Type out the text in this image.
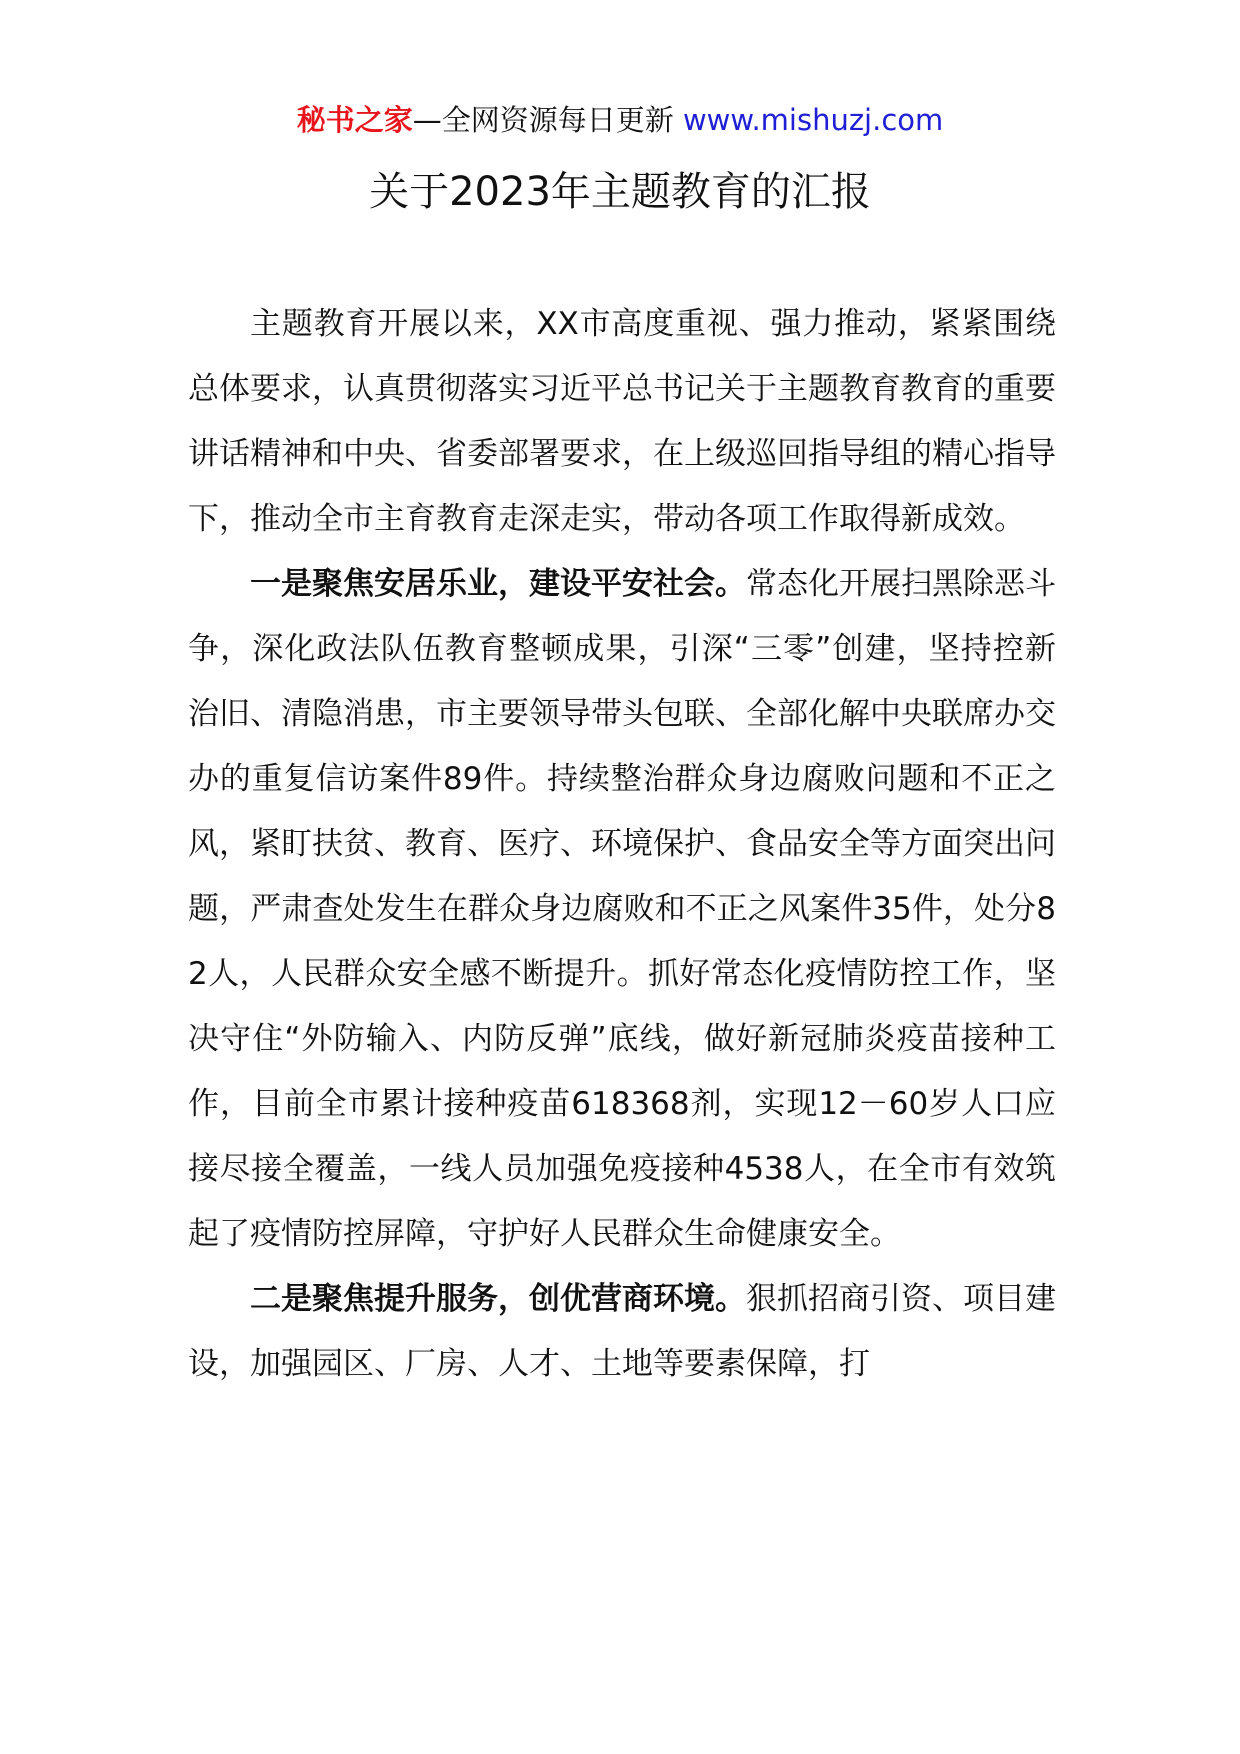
秘书之家—全网资源每日更新 www.mishuzj.com
关于2023年主题教育的汇报

主题教育开展以来，XX市高度重视、强力推动，紧紧围绕总体要求，认真贯彻落实习近平总书记关于主题教育教育的重要讲话精神和中央、省委部署要求，在上级巡回指导组的精心指导下，推动全市主育教育走深走实，带动各项工作取得新成效。

一是聚焦安居乐业，建设平安社会。常态化开展扫黑除恶斗争，深化政法队伍教育整顿成果，引深“三零”创建，坚持控新治旧、清隐消患，市主要领导带头包联、全部化解中央联席办交办的重复信访案件89件。持续整治群众身边腐败问题和不正之风，紧盯扶贫、教育、医疗、环境保护、食品安全等方面突出问题，严肃查处发生在群众身边腐败和不正之风案件35件，处分82人，人民群众安全感不断提升。抓好常态化疫情防控工作，坚决守住“外防输入、内防反弹”底线，做好新冠肺炎疫苗接种工作，目前全市累计接种疫苗618368剂，实现12－60岁人口应接尽接全覆盖，一线人员加强免疫接种4538人，在全市有效筑起了疫情防控屏障，守护好人民群众生命健康安全。

二是聚焦提升服务，创优营商环境。狠抓招商引资、项目建设，加强园区、厂房、人才、土地等要素保障，打
